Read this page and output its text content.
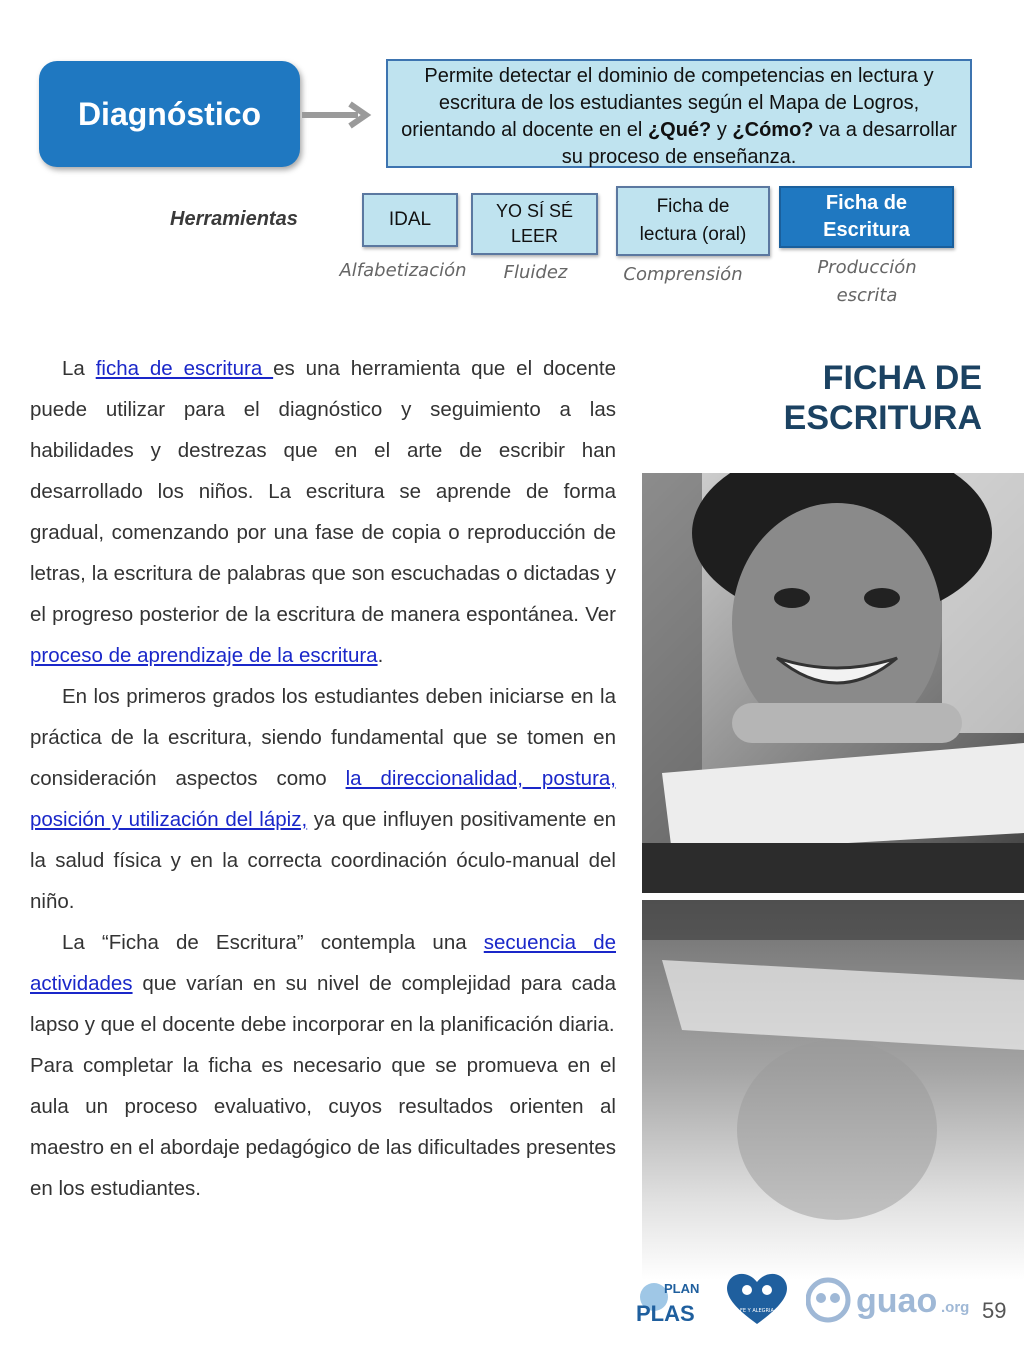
Diagnóstico
Permite detectar el dominio de competencias en lectura y escritura de los estudiantes según el Mapa de Logros, orientando al docente en el ¿Qué? y ¿Cómo? va a desarrollar su proceso de enseñanza.
Herramientas	IDAL	YO SÍ SÉ LEER
Ficha de lectura (oral)
Ficha de Escritura
Alfabetización	Fluidez	Comprensión	Producción escrita
FICHA DE
ESCRITURA

La ficha de escritura es una herramienta que el docente puede utilizar para el diagnóstico y seguimiento a las habilidades y destrezas que en el arte de escribir han desarrollado los niños. La escritura se aprende de forma gradual, comenzando por una fase de copia o reproducción de letras, la escritura de palabras que son escuchadas o dictadas y el progreso posterior de la escritura de manera espontánea. Ver proceso de aprendizaje de la escritura.

En los primeros grados los estudiantes deben iniciarse en la práctica de la escritura, siendo fundamental que se tomen en consideración aspectos como la direccionalidad, postura, posición y utilización del lápiz, ya que influyen positivamente en la salud física y en la correcta coordinación óculo-manual del niño.

La “Ficha de Escritura” contempla una secuencia de actividades que varían en su nivel de complejidad para cada lapso y que el docente debe incorporar en la planificación diaria.

Para completar la ficha es necesario que se promueva en el aula un proceso evaluativo, cuyos resultados orienten al maestro en el abordaje pedagógico de las dificultades presentes en los estudiantes.

PLAN
PLAS	FE Y ALEGRIA guao .org 59
